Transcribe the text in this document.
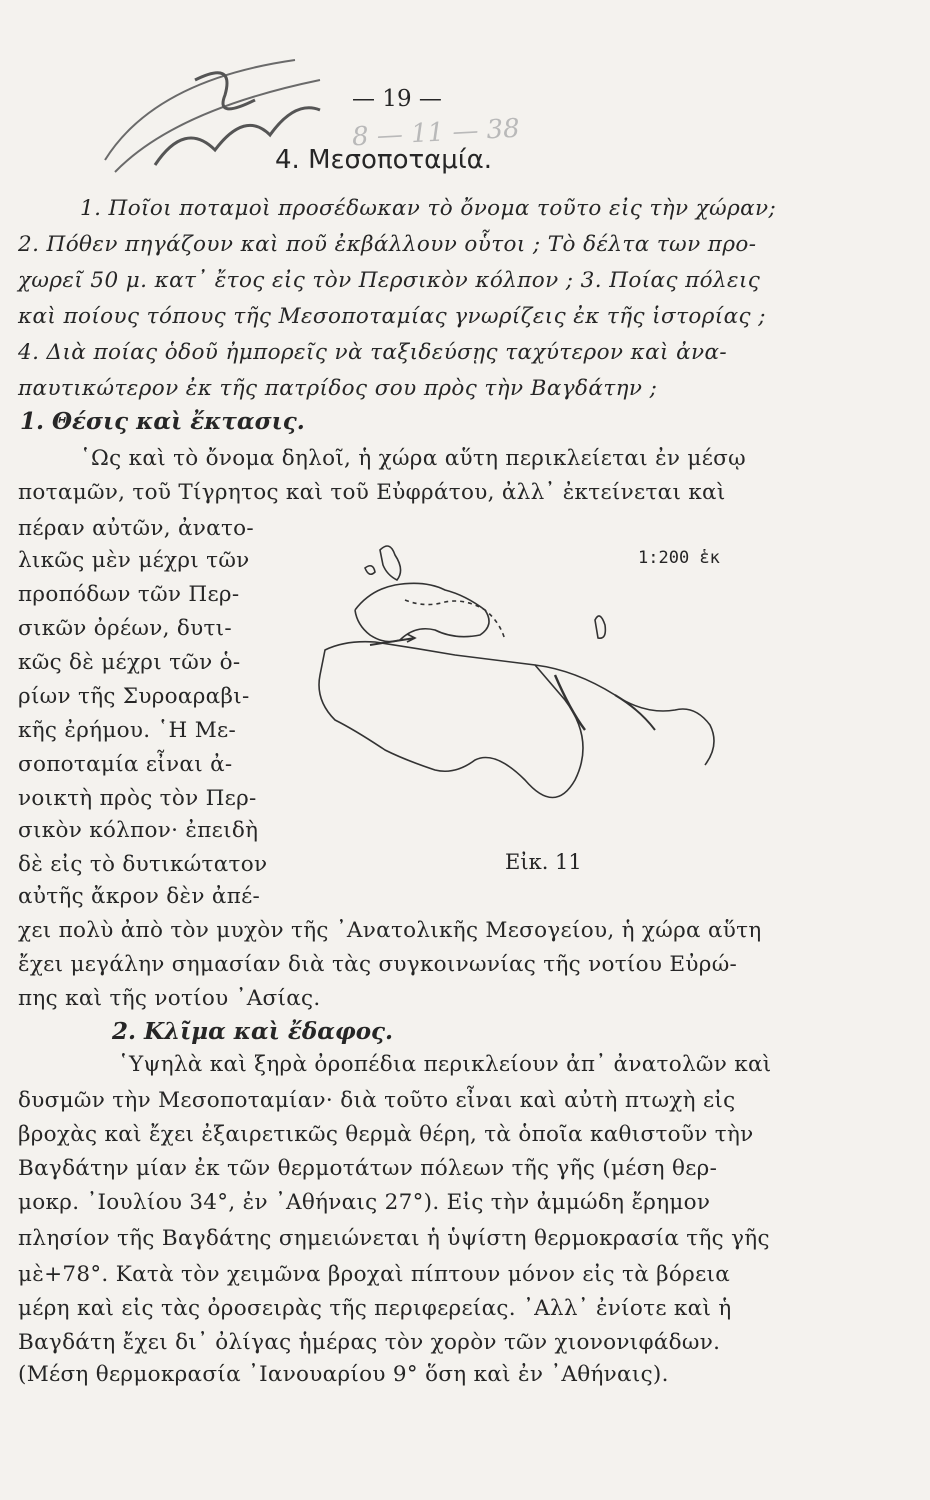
— 19 —
8 — 11 — 38
4. Μεσοποταμία.
1. Ποῖοι ποταμοὶ προσέδωκαν τὸ ὄνομα τοῦτο εἰς τὴν χώραν;
2. Πόθεν πηγάζουν καὶ ποῦ ἐκβάλλουν οὗτοι ; Τὸ δέλτα των προ-
χωρεῖ 50 μ. κατ᾽ ἔτος εἰς τὸν Περσικὸν κόλπον ; 3. Ποίας πόλεις
καὶ ποίους τόπους τῆς Μεσοποταμίας γνωρίζεις ἐκ τῆς ἱστορίας ;
4. Διὰ ποίας ὁδοῦ ἠμπορεῖς νὰ ταξιδεύσῃς ταχύτερον καὶ ἀνα-
παυτικώτερον ἐκ τῆς πατρίδος σου πρὸς τὴν Βαγδάτην ;
1. Θέσις καὶ ἔκτασις.
῾Ως καὶ τὸ ὄνομα δηλοῖ, ἡ χώρα αὕτη περικλείεται ἐν μέσῳ
ποταμῶν, τοῦ Τίγρητος καὶ τοῦ Εὐφράτου, ἀλλ᾽ ἐκτείνεται καὶ
πέραν αὐτῶν, ἀνατο-
λικῶς μὲν μέχρι τῶν
προπόδων τῶν Περ-
σικῶν ὀρέων, δυτι-
κῶς δὲ μέχρι τῶν ὁ-
ρίων τῆς Συροαραβι-
κῆς ἐρήμου. ῾Η Με-
σοποταμία εἶναι ἀ-
νοικτὴ πρὸς τὸν Περ-
σικὸν κόλπον· ἐπειδὴ
δὲ εἰς τὸ δυτικώτατον
αὐτῆς ἄκρον δὲν ἀπέ-
χει πολὺ ἀπὸ τὸν μυχὸν τῆς ᾿Ανατολικῆς Μεσογείου, ἡ χώρα αὕτη
ἔχει μεγάλην σημασίαν διὰ τὰς συγκοινωνίας τῆς νοτίου Εὐρώ-
πης καὶ τῆς νοτίου ᾿Ασίας.
1:200 ἑκ
Εἰκ. 11
2. Κλῖμα καὶ ἔδαφος.
῾Υψηλὰ καὶ ξηρὰ ὀροπέδια περικλείουν ἀπ᾽ ἀνατολῶν καὶ
δυσμῶν τὴν Μεσοποταμίαν· διὰ τοῦτο εἶναι καὶ αὐτὴ πτωχὴ εἰς
βροχὰς καὶ ἔχει ἐξαιρετικῶς θερμὰ θέρη, τὰ ὁποῖα καθιστοῦν τὴν
Βαγδάτην μίαν ἐκ τῶν θερμοτάτων πόλεων τῆς γῆς (μέση θερ-
μοκρ. ᾿Ιουλίου 34°, ἐν ᾿Αθήναις 27°). Εἰς τὴν ἀμμώδη ἔρημον
πλησίον τῆς Βαγδάτης σημειώνεται ἡ ὑψίστη θερμοκρασία τῆς γῆς
μὲ+78°. Κατὰ τὸν χειμῶνα βροχαὶ πίπτουν μόνον εἰς τὰ βόρεια
μέρη καὶ εἰς τὰς ὀροσειρὰς τῆς περιφερείας. ᾿Αλλ᾽ ἐνίοτε καὶ ἡ
Βαγδάτη ἔχει δι᾽ ὀλίγας ἡμέρας τὸν χορὸν τῶν χιονονιφάδων.
(Μέση θερμοκρασία ᾿Ιανουαρίου 9° ὅση καὶ ἐν ᾿Αθήναις).
